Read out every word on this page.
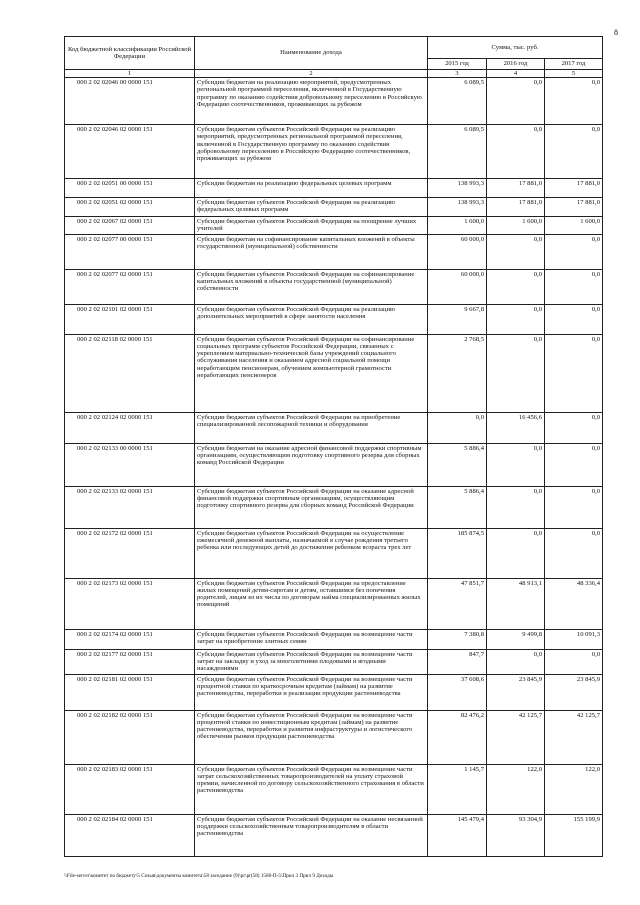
8
Код бюджетной классификации Российской Федерации	Наименование дохода	Сумма, тыс. руб.		
		2015 год	2016 год	2017 год
1	2	3	4	5
000 2 02 02046 00 0000 151	Субсидии бюджетам на реализацию мероприятий, предусмотренных региональной программой переселения, включенной в Государственную программу по оказанию содействия добровольному переселению в Российскую Федерацию соотечественников, проживающих за рубежом	6 089,5	0,0	0,0
000 2 02 02046 02 0000 151	Субсидии бюджетам субъектов Российской Федерации на реализацию мероприятий, предусмотренных региональной программой переселения, включенной в Государственную программу по оказанию содействия добровольному переселению в Российскую Федерацию соотечественников, проживающих за рубежом	6 089,5	0,0	0,0
000 2 02 02051 00 0000 151	Субсидии бюджетам на реализацию федеральных целевых программ	138 993,3	17 881,0	17 881,0
000 2 02 02051 02 0000 151	Субсидии бюджетам субъектов Российской Федерации на реализацию федеральных целевых программ	138 993,3	17 881,0	17 881,0
000 2 02 02067 02 0000 151	Субсидии бюджетам субъектов Российской Федерации на поощрение лучших учителей	1 600,0	1 600,0	1 600,0
000 2 02 02077 00 0000 151	Субсидии бюджетам на софинансирование капитальных вложений в объекты государственной (муниципальной) собственности	60 000,0	0,0	0,0
000 2 02 02077 02 0000 151	Субсидии бюджетам субъектов Российской Федерации на софинансирование капитальных вложений в объекты государственной (муниципальной) собственности	60 000,0	0,0	0,0
000 2 02 02101 02 0000 151	Субсидии бюджетам субъектов Российской Федерации на реализацию дополнительных мероприятий в сфере занятости населения	9 667,8	0,0	0,0
000 2 02 02118 02 0000 151	Субсидии бюджетам субъектов Российской Федерации на софинансирование социальных программ субъектов Российской Федерации, связанных с укреплением материально-технической базы учреждений социального обслуживания населения и оказанием адресной социальной помощи неработающим пенсионерам, обучением компьютерной грамотности неработающих пенсионеров	2 768,5	0,0	0,0
000 2 02 02124 02 0000 151	Субсидии бюджетам субъектов Российской Федерации на приобретение специализированной лесопожарной техники и оборудования	0,0	16 456,6	0,0
000 2 02 02133 00 0000 151	Субсидии бюджетам на оказание адресной финансовой поддержки спортивным организациям, осуществляющим подготовку спортивного резерва для сборных команд Российской Федерации	5 886,4	0,0	0,0
000 2 02 02133 02 0000 151	Субсидии бюджетам субъектов Российской Федерации на оказание адресной финансовой поддержки спортивным организациям, осуществляющим подготовку спортивного резерва для сборных команд Российской Федерации	5 886,4	0,0	0,0
000 2 02 02172 02 0000 151	Субсидии бюджетам субъектов Российской Федерации на осуществление ежемесячной денежной выплаты, назначаемой в случае рождения третьего ребенка или последующих детей до достижения ребенком возраста трех лет	185 874,5	0,0	0,0
000 2 02 02173 02 0000 151	Субсидии бюджетам субъектов Российской Федерации на предоставление жилых помещений детям-сиротам и детям, оставшимся без попечения родителей, лицам из их числа по договорам найма специализированных жилых помещений	47 851,7	48 913,1	48 336,4
000 2 02 02174 02 0000 151	Субсидии бюджетам субъектов Российской Федерации на возмещение части затрат на приобретение элитных семян	7 380,8	9 499,8	10 091,3
000 2 02 02177 02 0000 151	Субсидии бюджетам субъектов Российской Федерации на возмещение части затрат на закладку и уход за многолетними плодовыми и ягодными насаждениями	847,7	0,0	0,0
000 2 02 02181 02 0000 151	Субсидии бюджетам субъектов Российской Федерации на возмещение части процентной ставки по краткосрочным кредитам (займам) на развитие растениеводства, переработки и реализации продукции растениеводства	37 608,6	23 845,9	23 845,9
000 2 02 02182 02 0000 151	Субсидии бюджетам субъектов Российской Федерации на возмещение части процентной ставки по инвестиционным кредитам (займам) на развитие растениеводства, переработки и развития инфраструктуры и логистического обеспечения рынков продукции растениеводства	82 476,2	42 125,7	42 125,7
000 2 02 02183 02 0000 151	Субсидии бюджетам субъектов Российской Федерации на возмещение части затрат сельскохозяйственных товаропроизводителей на уплату страховой премии, начисленной по договору сельскохозяйственного страхования в области растениеводства	1 145,7	122,0	122,0
000 2 02 02184 02 0000 151	Субсидии бюджетам субъектов Российской Федерации на оказание несвязанной поддержки сельскохозяйственным товаропроизводителям в области растениеводства	145 479,4	93 304,9	155 199,9
\\File-server\комитет по бюджету\5 Созыв\документы комитета\58 заседание (9)\pr\pr(58) 1580-П-5\Прил 3 Прил 9 Доходы
